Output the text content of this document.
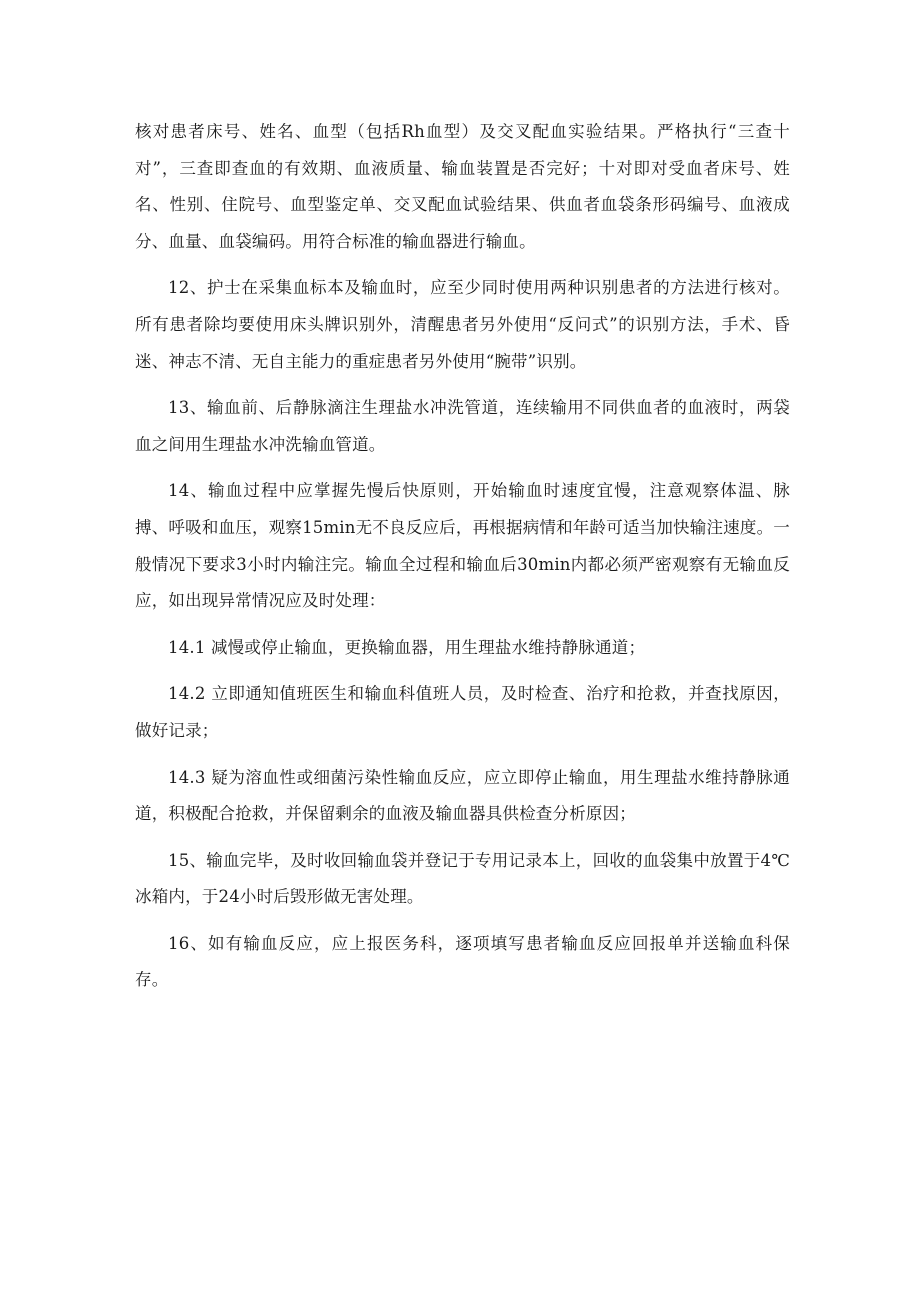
核对患者床号、姓名、血型（包括Rh血型）及交叉配血实验结果。严格执行“三查十对”，三查即查血的有效期、血液质量、输血装置是否完好；十对即对受血者床号、姓名、性别、住院号、血型鉴定单、交叉配血试验结果、供血者血袋条形码编号、血液成分、血量、血袋编码。用符合标准的输血器进行输血。

12、护士在采集血标本及输血时，应至少同时使用两种识别患者的方法进行核对。所有患者除均要使用床头牌识别外，清醒患者另外使用“反问式”的识别方法，手术、昏迷、神志不清、无自主能力的重症患者另外使用“腕带”识别。

13、输血前、后静脉滴注生理盐水冲洗管道，连续输用不同供血者的血液时，两袋血之间用生理盐水冲洗输血管道。

14、输血过程中应掌握先慢后快原则，开始输血时速度宜慢，注意观察体温、脉搏、呼吸和血压，观察15min无不良反应后，再根据病情和年龄可适当加快输注速度。一般情况下要求3小时内输注完。输血全过程和输血后30min内都必须严密观察有无输血反应，如出现异常情况应及时处理：

14.1 减慢或停止输血，更换输血器，用生理盐水维持静脉通道；

14.2 立即通知值班医生和输血科值班人员，及时检查、治疗和抢救，并查找原因，做好记录；

14.3 疑为溶血性或细菌污染性输血反应，应立即停止输血，用生理盐水维持静脉通道，积极配合抢救，并保留剩余的血液及输血器具供检查分析原因；

15、输血完毕，及时收回输血袋并登记于专用记录本上，回收的血袋集中放置于4℃冰箱内，于24小时后毁形做无害处理。

16、如有输血反应，应上报医务科，逐项填写患者输血反应回报单并送输血科保存。
